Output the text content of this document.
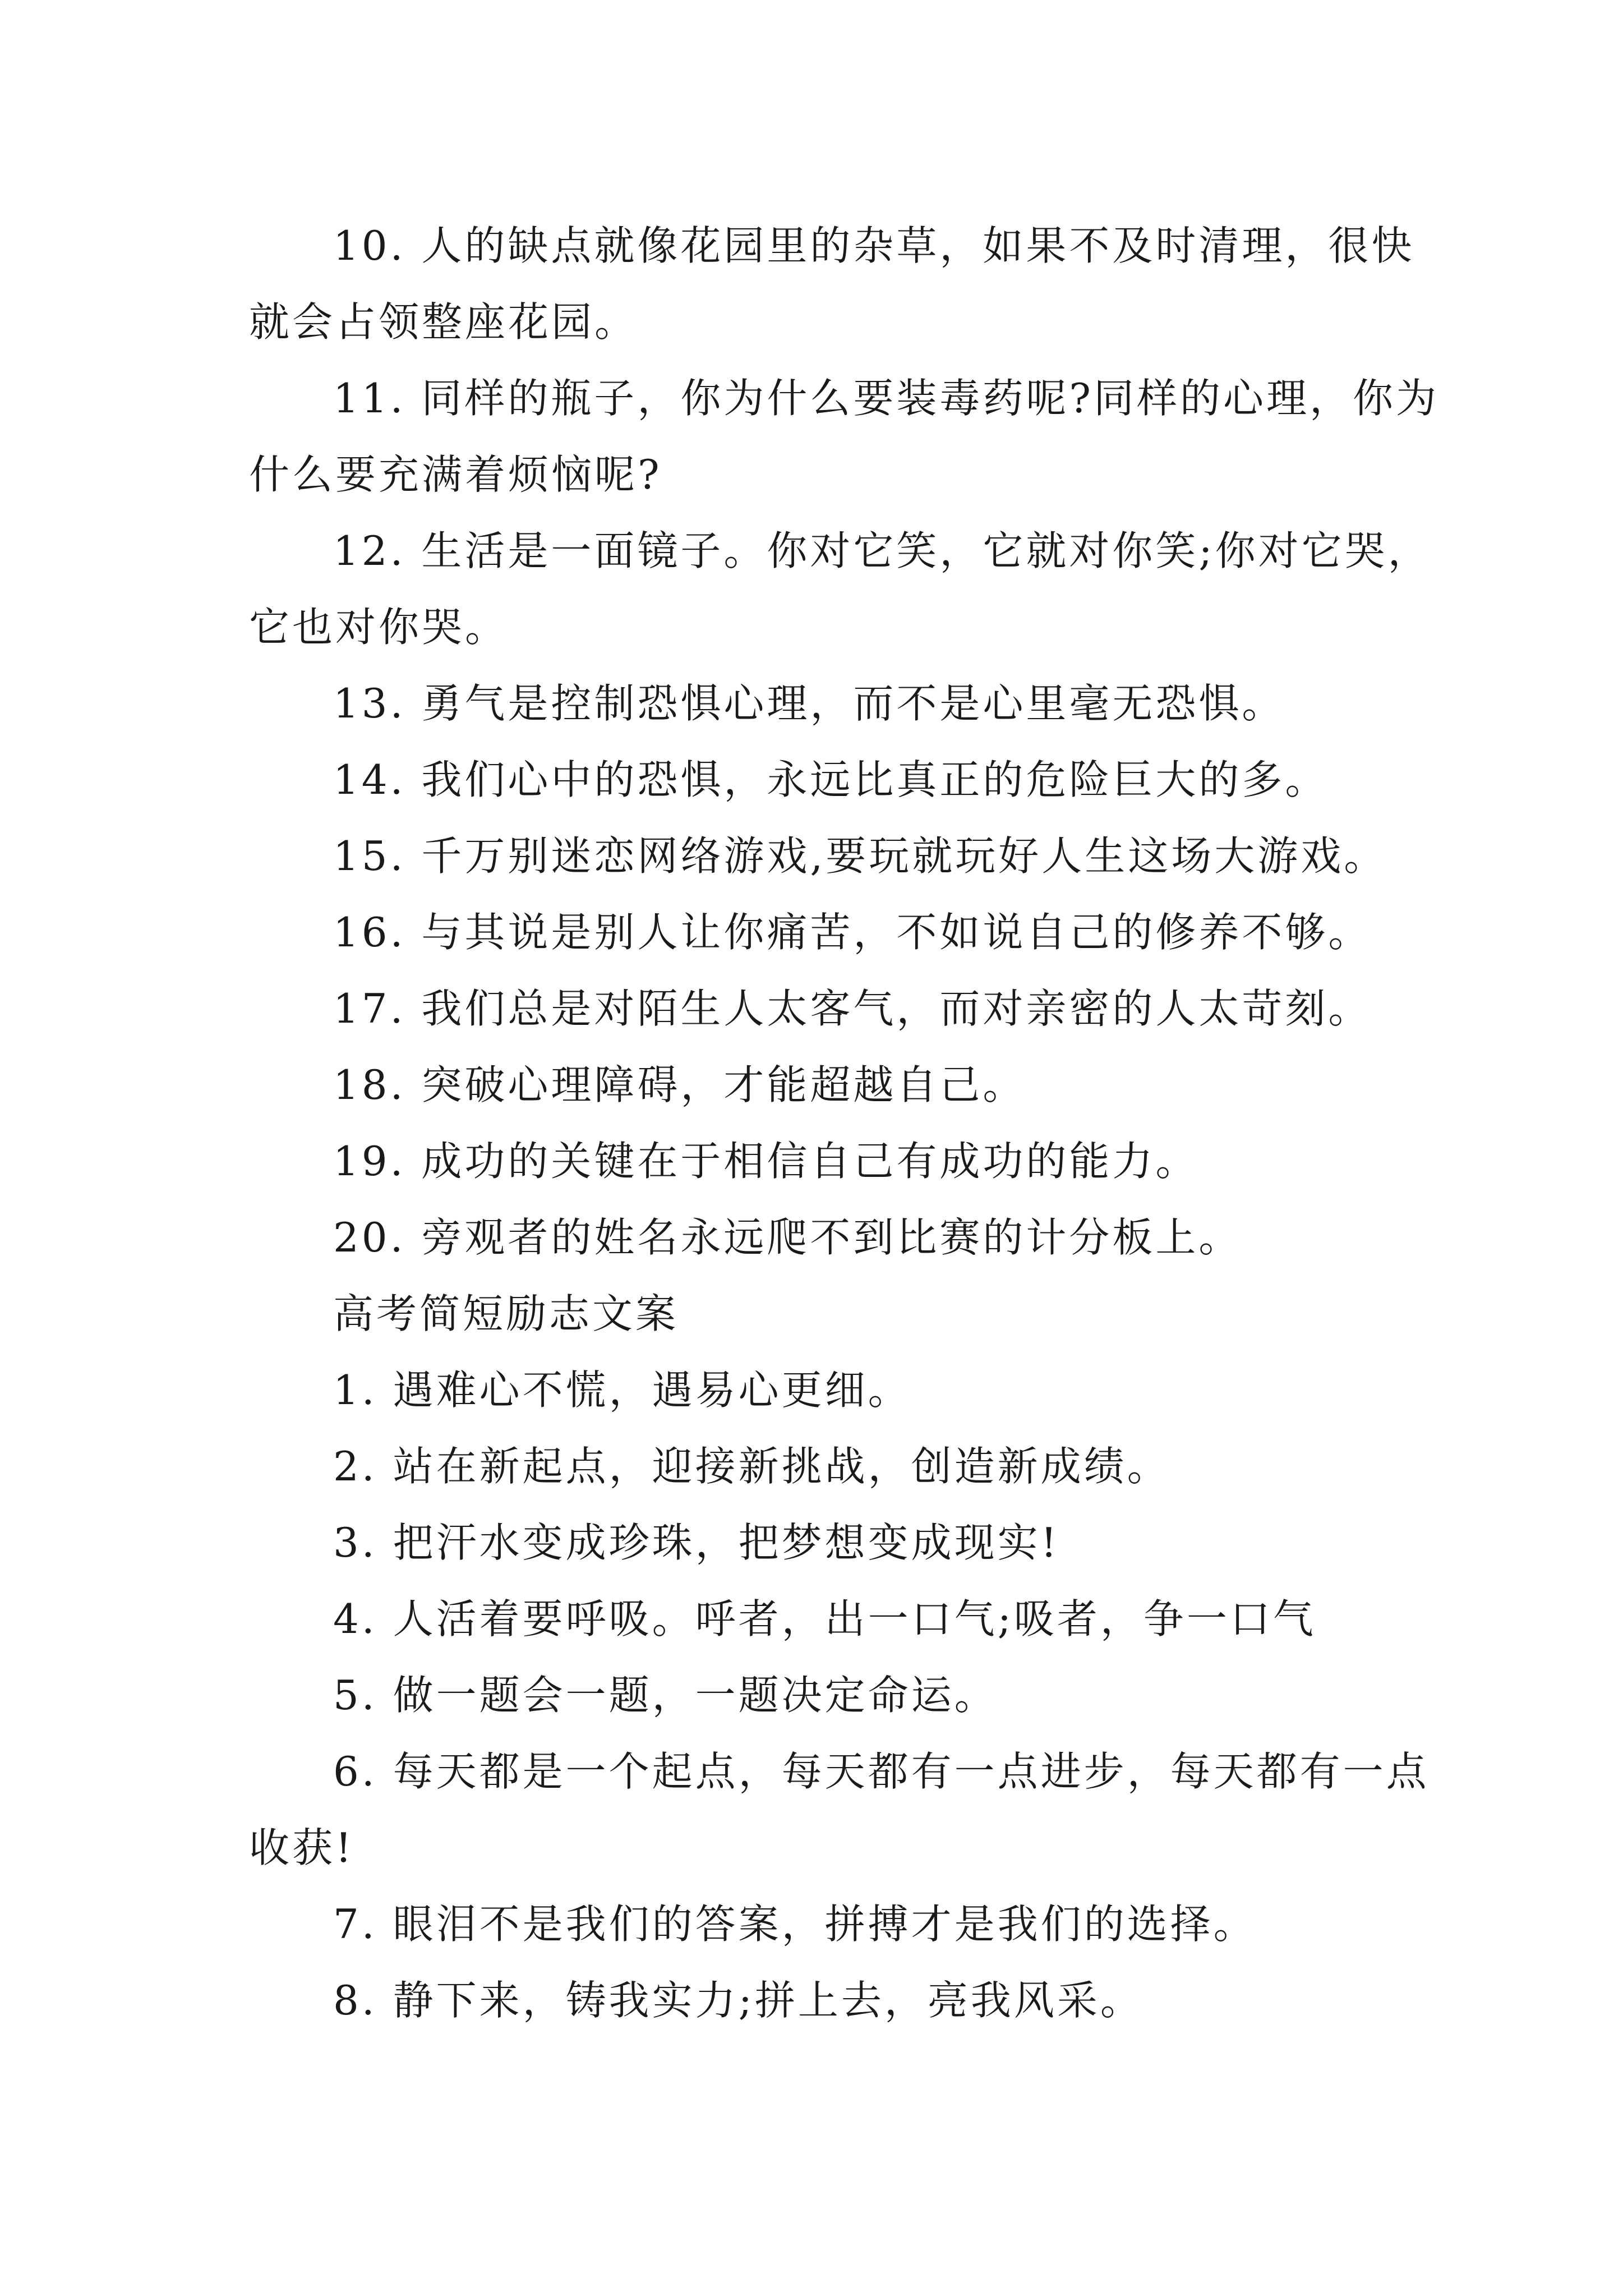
10. 人的缺点就像花园里的杂草，如果不及时清理，很快就会占领整座花园。

11. 同样的瓶子，你为什么要装毒药呢?同样的心理，你为什么要充满着烦恼呢?

12. 生活是一面镜子。你对它笑，它就对你笑;你对它哭，它也对你哭。

13. 勇气是控制恐惧心理，而不是心里毫无恐惧。

14. 我们心中的恐惧，永远比真正的危险巨大的多。

15. 千万别迷恋网络游戏,要玩就玩好人生这场大游戏。

16. 与其说是别人让你痛苦，不如说自己的修养不够。

17. 我们总是对陌生人太客气，而对亲密的人太苛刻。

18. 突破心理障碍，才能超越自己。

19. 成功的关键在于相信自己有成功的能力。

20. 旁观者的姓名永远爬不到比赛的计分板上。

高考简短励志文案

1. 遇难心不慌，遇易心更细。

2. 站在新起点，迎接新挑战，创造新成绩。

3. 把汗水变成珍珠，把梦想变成现实!

4. 人活着要呼吸。呼者，出一口气;吸者，争一口气

5. 做一题会一题，一题决定命运。

6. 每天都是一个起点，每天都有一点进步，每天都有一点收获!

7. 眼泪不是我们的答案，拼搏才是我们的选择。

8. 静下来，铸我实力;拼上去，亮我风采。
